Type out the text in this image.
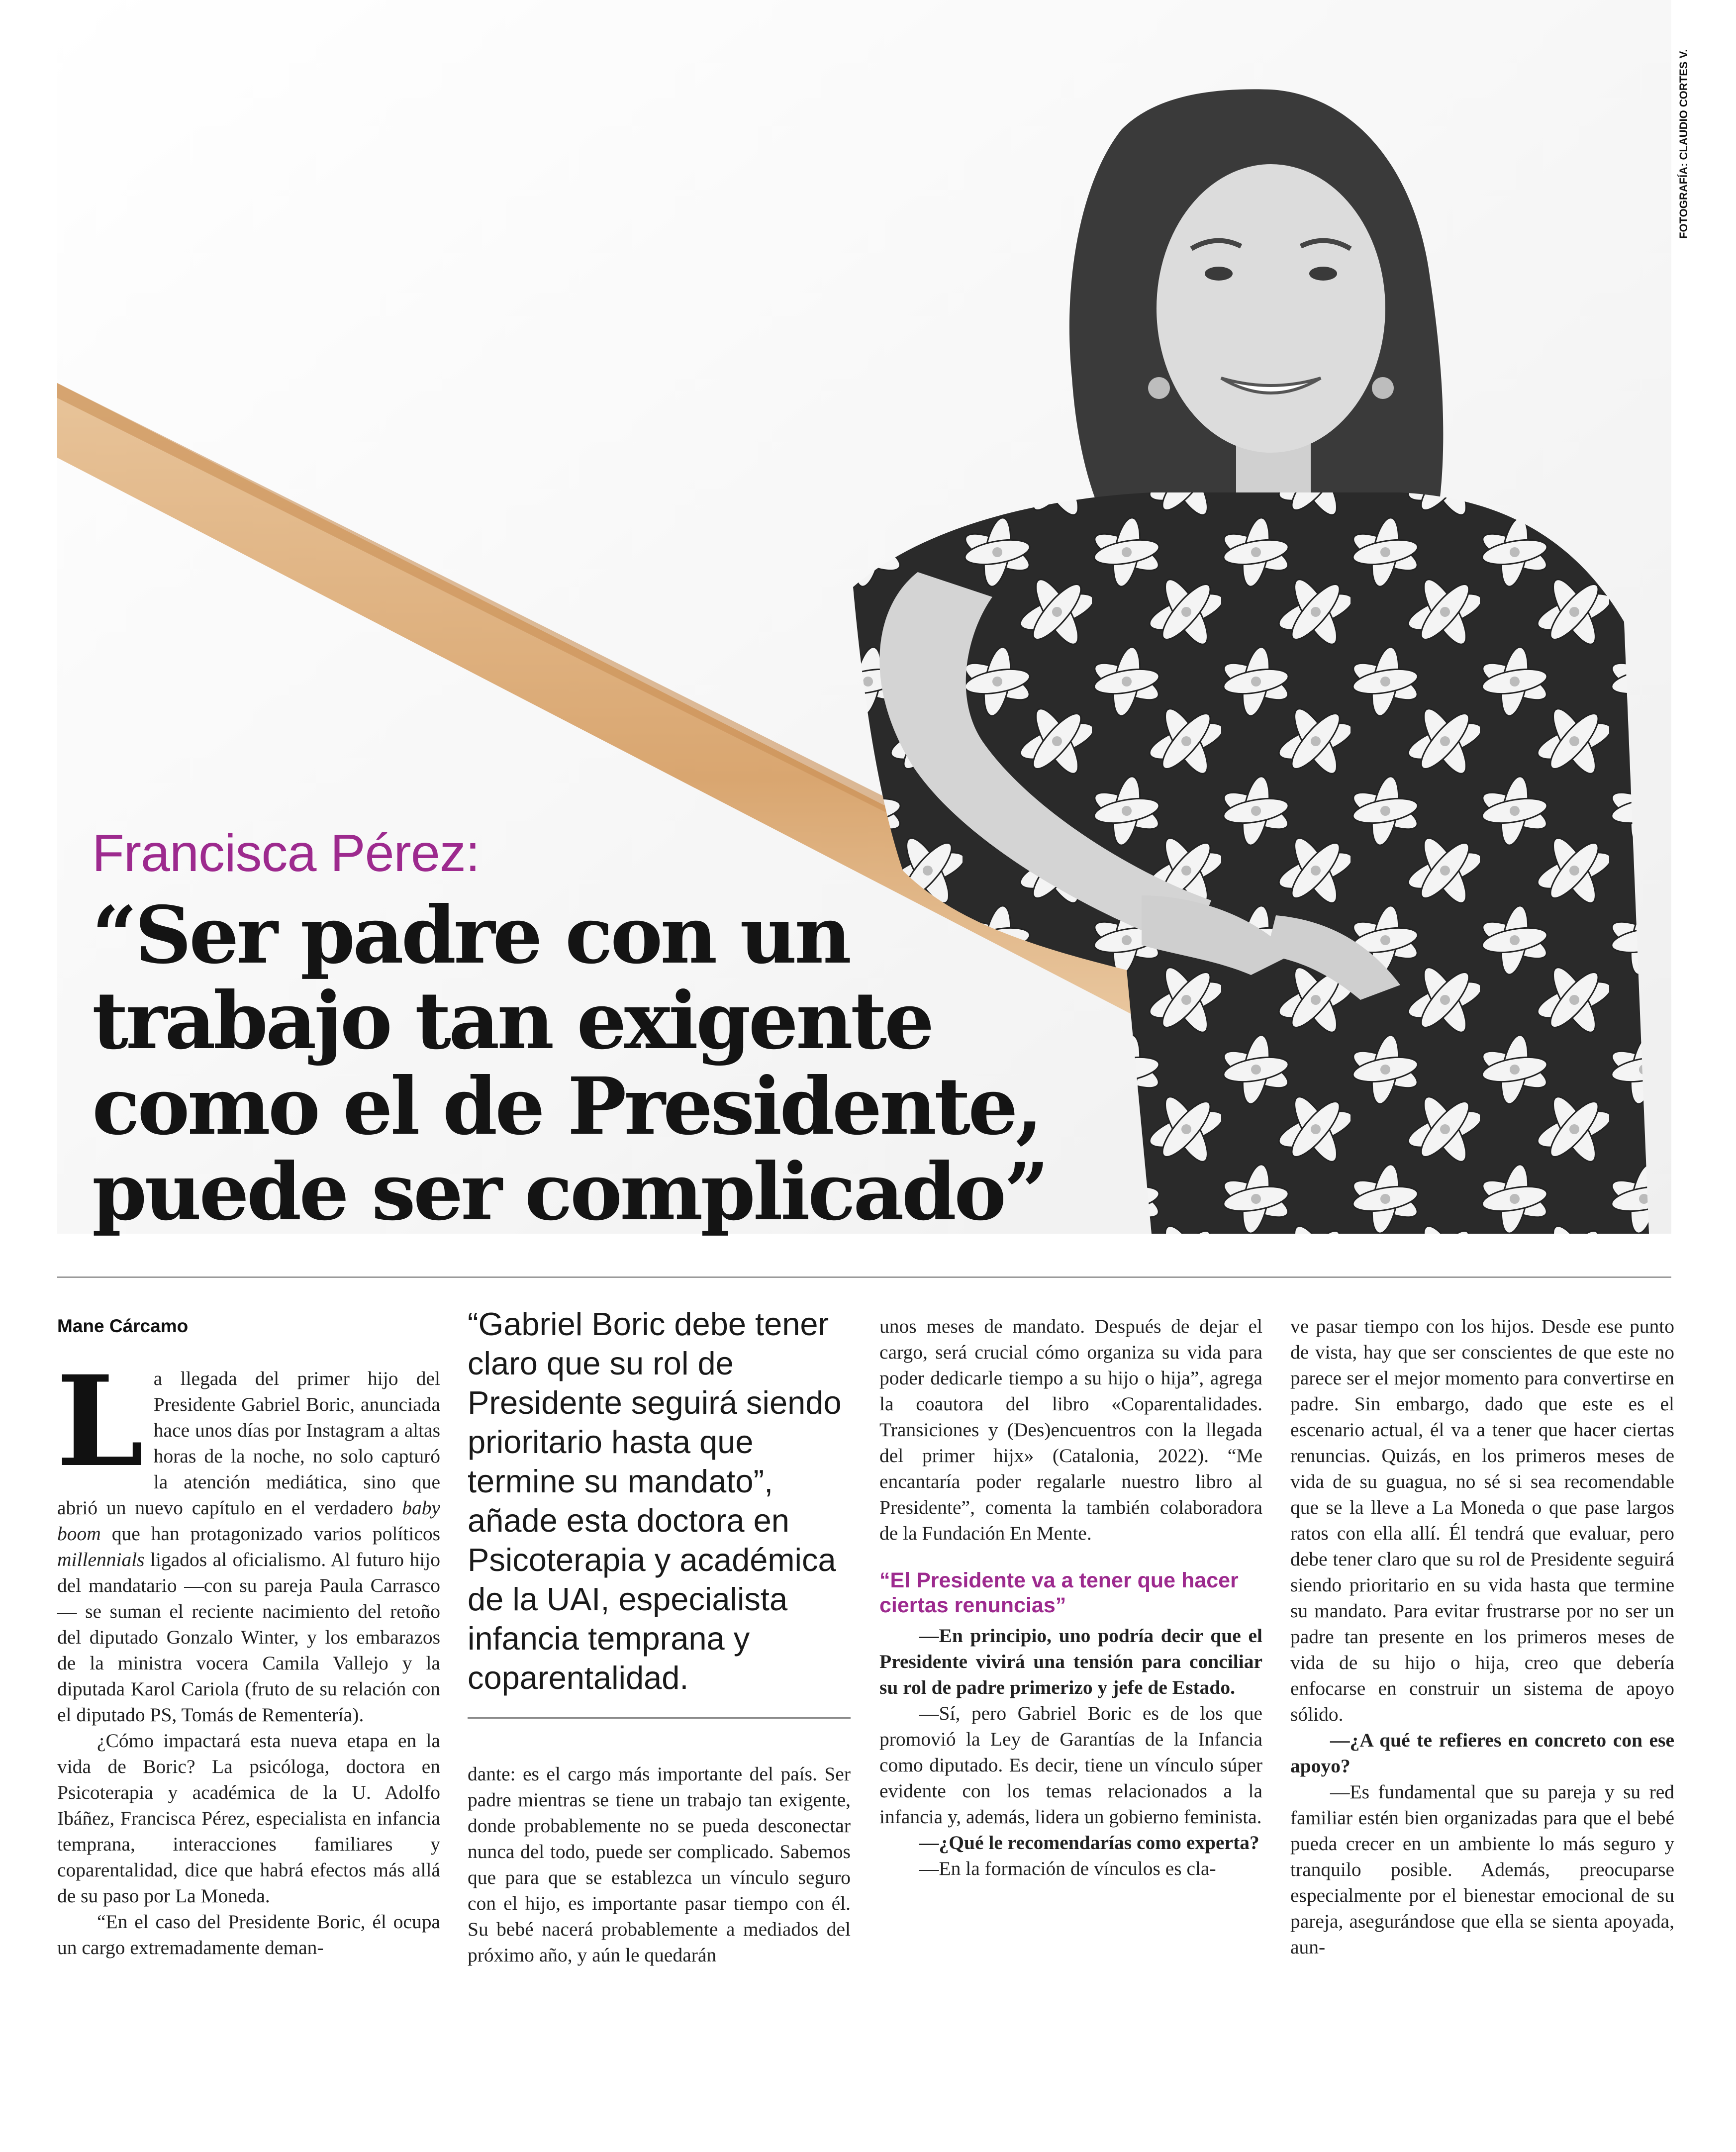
FOTOGRAFÍA: CLAUDIO CORTES V.
Francisca Pérez:
“Ser padre con un
trabajo tan exigente
como el de Presidente,
puede ser complicado”
Mane Cárcamo

La llegada del primer hijo del Presidente Gabriel Boric, anunciada hace unos días por Instagram a altas horas de la noche, no solo capturó la atención mediática, sino que abrió un nuevo capítulo en el verdadero baby boom que han protagonizado varios políticos millennials ligados al oficialismo. Al futuro hijo del mandatario —con su pareja Paula Carrasco— se suman el reciente nacimiento del retoño del diputado Gonzalo Winter, y los embarazos de la ministra vocera Camila Vallejo y la diputada Karol Cariola (fruto de su relación con el diputado PS, Tomás de Rementería).

¿Cómo impactará esta nueva etapa en la vida de Boric? La psicóloga, doctora en Psicoterapia y académica de la U. Adolfo Ibáñez, Francisca Pérez, especialista en infancia temprana, interacciones familiares y coparentalidad, dice que habrá efectos más allá de su paso por La Moneda.

“En el caso del Presidente Boric, él ocupa un cargo extremadamente deman-

“Gabriel Boric debe tener claro que su rol de Presidente seguirá siendo prioritario hasta que termine su mandato”, añade esta doctora en Psicoterapia y académica de la UAI, especialista infancia temprana y coparentalidad.

dante: es el cargo más importante del país. Ser padre mientras se tiene un trabajo tan exigente, donde probablemente no se pueda desconectar nunca del todo, puede ser complicado. Sabemos que para que se establezca un vínculo seguro con el hijo, es importante pasar tiempo con él. Su bebé nacerá probablemente a mediados del próximo año, y aún le quedarán

unos meses de mandato. Después de dejar el cargo, será crucial cómo organiza su vida para poder dedicarle tiempo a su hijo o hija”, agrega la coautora del libro «Coparentalidades. Transiciones y (Des)encuentros con la llegada del primer hijx» (Catalonia, 2022). “Me encantaría poder regalarle nuestro libro al Presidente”, comenta la también colaboradora de la Fundación En Mente.

“El Presidente va a tener que hacer ciertas renuncias”

—En principio, uno podría decir que el Presidente vivirá una tensión para conciliar su rol de padre primerizo y jefe de Estado.

—Sí, pero Gabriel Boric es de los que promovió la Ley de Garantías de la Infancia como diputado. Es decir, tiene un vínculo súper evidente con los temas relacionados a la infancia y, además, lidera un gobierno feminista.

—¿Qué le recomendarías como experta?

—En la formación de vínculos es cla-

ve pasar tiempo con los hijos. Desde ese punto de vista, hay que ser conscientes de que este no parece ser el mejor momento para convertirse en padre. Sin embargo, dado que este es el escenario actual, él va a tener que hacer ciertas renuncias. Quizás, en los primeros meses de vida de su guagua, no sé si sea recomendable que se la lleve a La Moneda o que pase largos ratos con ella allí. Él tendrá que evaluar, pero debe tener claro que su rol de Presidente seguirá siendo prioritario en su vida hasta que termine su mandato. Para evitar frustrarse por no ser un padre tan presente en los primeros meses de vida de su hijo o hija, creo que debería enfocarse en construir un sistema de apoyo sólido.

—¿A qué te refieres en concreto con ese apoyo?

—Es fundamental que su pareja y su red familiar estén bien organizadas para que el bebé pueda crecer en un ambiente lo más seguro y tranquilo posible. Además, preocuparse especialmente por el bienestar emocional de su pareja, asegurándose que ella se sienta apoyada, aun-
